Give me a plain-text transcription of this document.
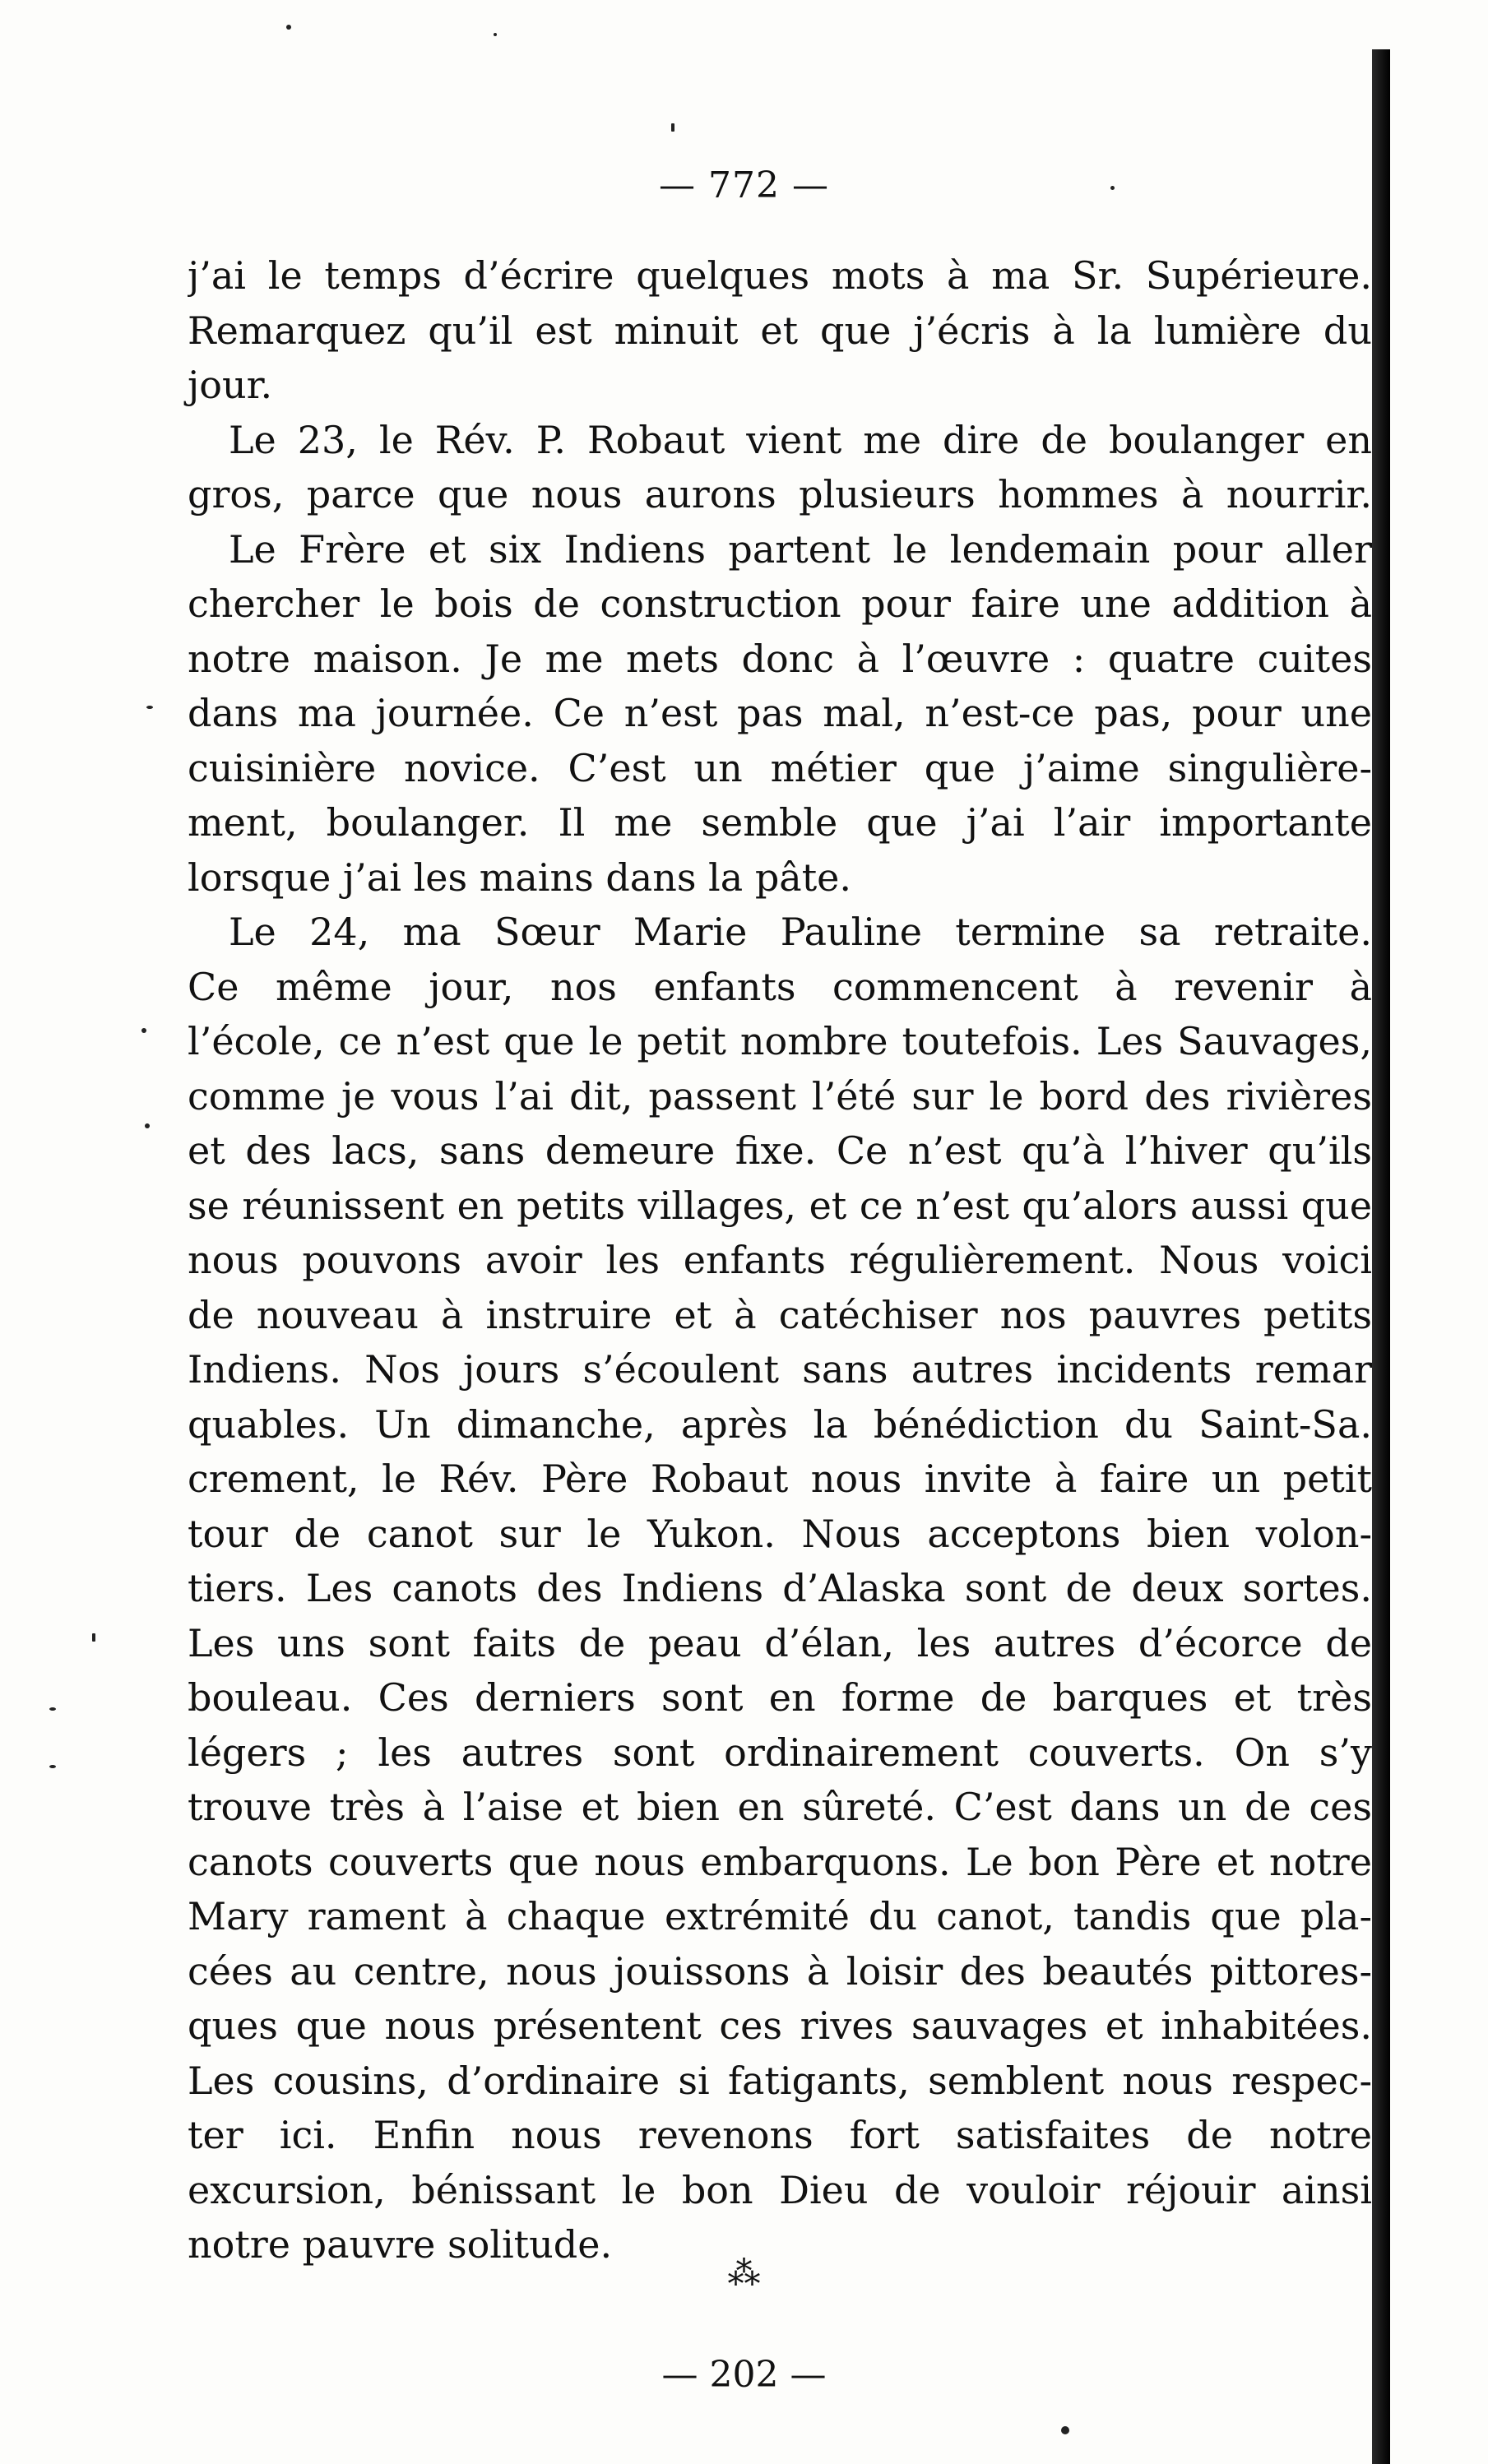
— 772 —
j’ai le temps d’écrire quelques mots à ma Sr. Supérieure.
Remarquez qu’il est minuit et que j’écris à la lumière du
jour.
Le 23, le Rév. P. Robaut vient me dire de boulanger en
gros, parce que nous aurons plusieurs hommes à nourrir.
Le Frère et six Indiens partent le lendemain pour aller
chercher le bois de construction pour faire une addition à
notre maison. Je me mets donc à l’œuvre : quatre cuites
dans ma journée. Ce n’est pas mal, n’est-ce pas, pour une
cuisinière novice. C’est un métier que j’aime singulière-
ment, boulanger. Il me semble que j’ai l’air importante
lorsque j’ai les mains dans la pâte.
Le 24, ma Sœur Marie Pauline termine sa retraite.
Ce même jour, nos enfants commencent à revenir à
l’école, ce n’est que le petit nombre toutefois. Les Sauvages,
comme je vous l’ai dit, passent l’été sur le bord des rivières
et des lacs, sans demeure fixe. Ce n’est qu’à l’hiver qu’ils
se réunissent en petits villages, et ce n’est qu’alors aussi que
nous pouvons avoir les enfants régulièrement. Nous voici
de nouveau à instruire et à catéchiser nos pauvres petits
Indiens. Nos jours s’écoulent sans autres incidents remar
quables. Un dimanche, après la bénédiction du Saint-Sa.
crement, le Rév. Père Robaut nous invite à faire un petit
tour de canot sur le Yukon. Nous acceptons bien volon-
tiers. Les canots des Indiens d’Alaska sont de deux sortes.
Les uns sont faits de peau d’élan, les autres d’écorce de
bouleau. Ces derniers sont en forme de barques et très
légers ; les autres sont ordinairement couverts. On s’y
trouve très à l’aise et bien en sûreté. C’est dans un de ces
canots couverts que nous embarquons. Le bon Père et notre
Mary rament à chaque extrémité du canot, tandis que pla-
cées au centre, nous jouissons à loisir des beautés pittores-
ques que nous présentent ces rives sauvages et inhabitées.
Les cousins, d’ordinaire si fatigants, semblent nous respec-
ter ici. Enfin nous revenons fort satisfaites de notre
excursion, bénissant le bon Dieu de vouloir réjouir ainsi
notre pauvre solitude.
⁂
— 202 —
